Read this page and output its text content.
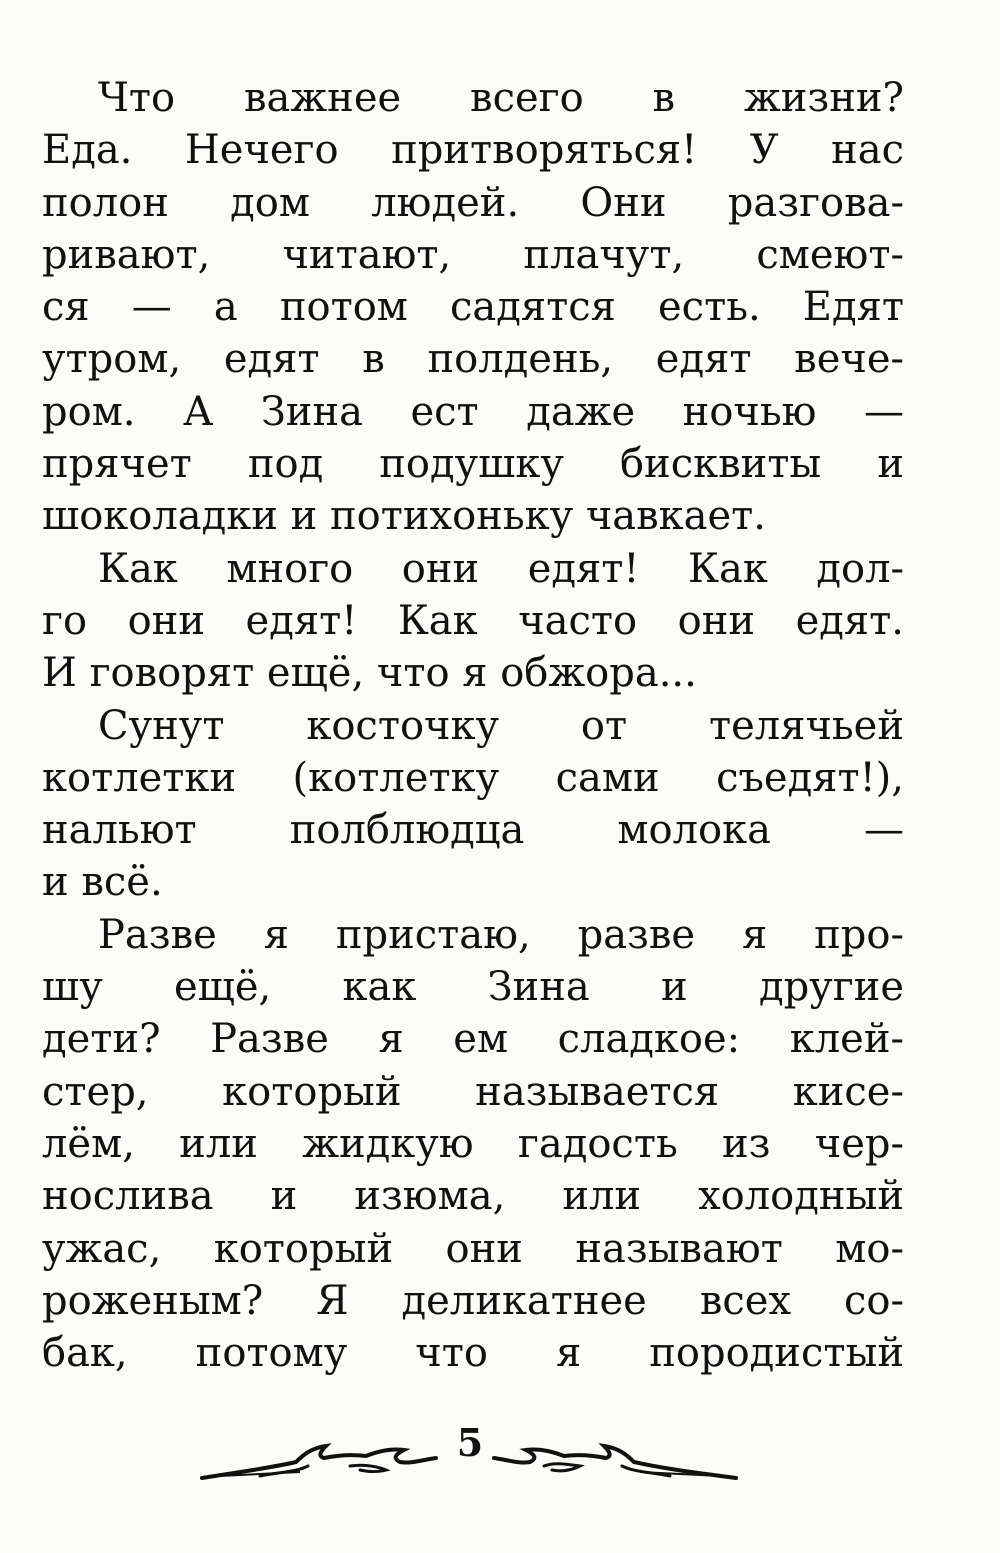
Что важнее всего в жизни?
Еда. Нечего притворяться! У нас
полон дом людей. Они разгова-
ривают, читают, плачут, смеют-
ся — а потом садятся есть. Едят
утром, едят в полдень, едят вече-
ром. А Зина ест даже ночью —
прячет под подушку бисквиты и
шоколадки и потихоньку чавкает.
Как много они едят! Как дол-
го они едят! Как часто они едят.
И говорят ещё, что я обжора...
Сунут косточку от телячьей
котлетки (котлетку сами съедят!),
нальют полблюдца молока —
и всё.
Разве я пристаю, разве я про-
шу ещё, как Зина и другие
дети? Разве я ем сладкое: клей-
стер, который называется кисе-
лём, или жидкую гадость из чер-
нослива и изюма, или холодный
ужас, который они называют мо-
роженым? Я деликатнее всех со-
бак, потому что я породистый
5
